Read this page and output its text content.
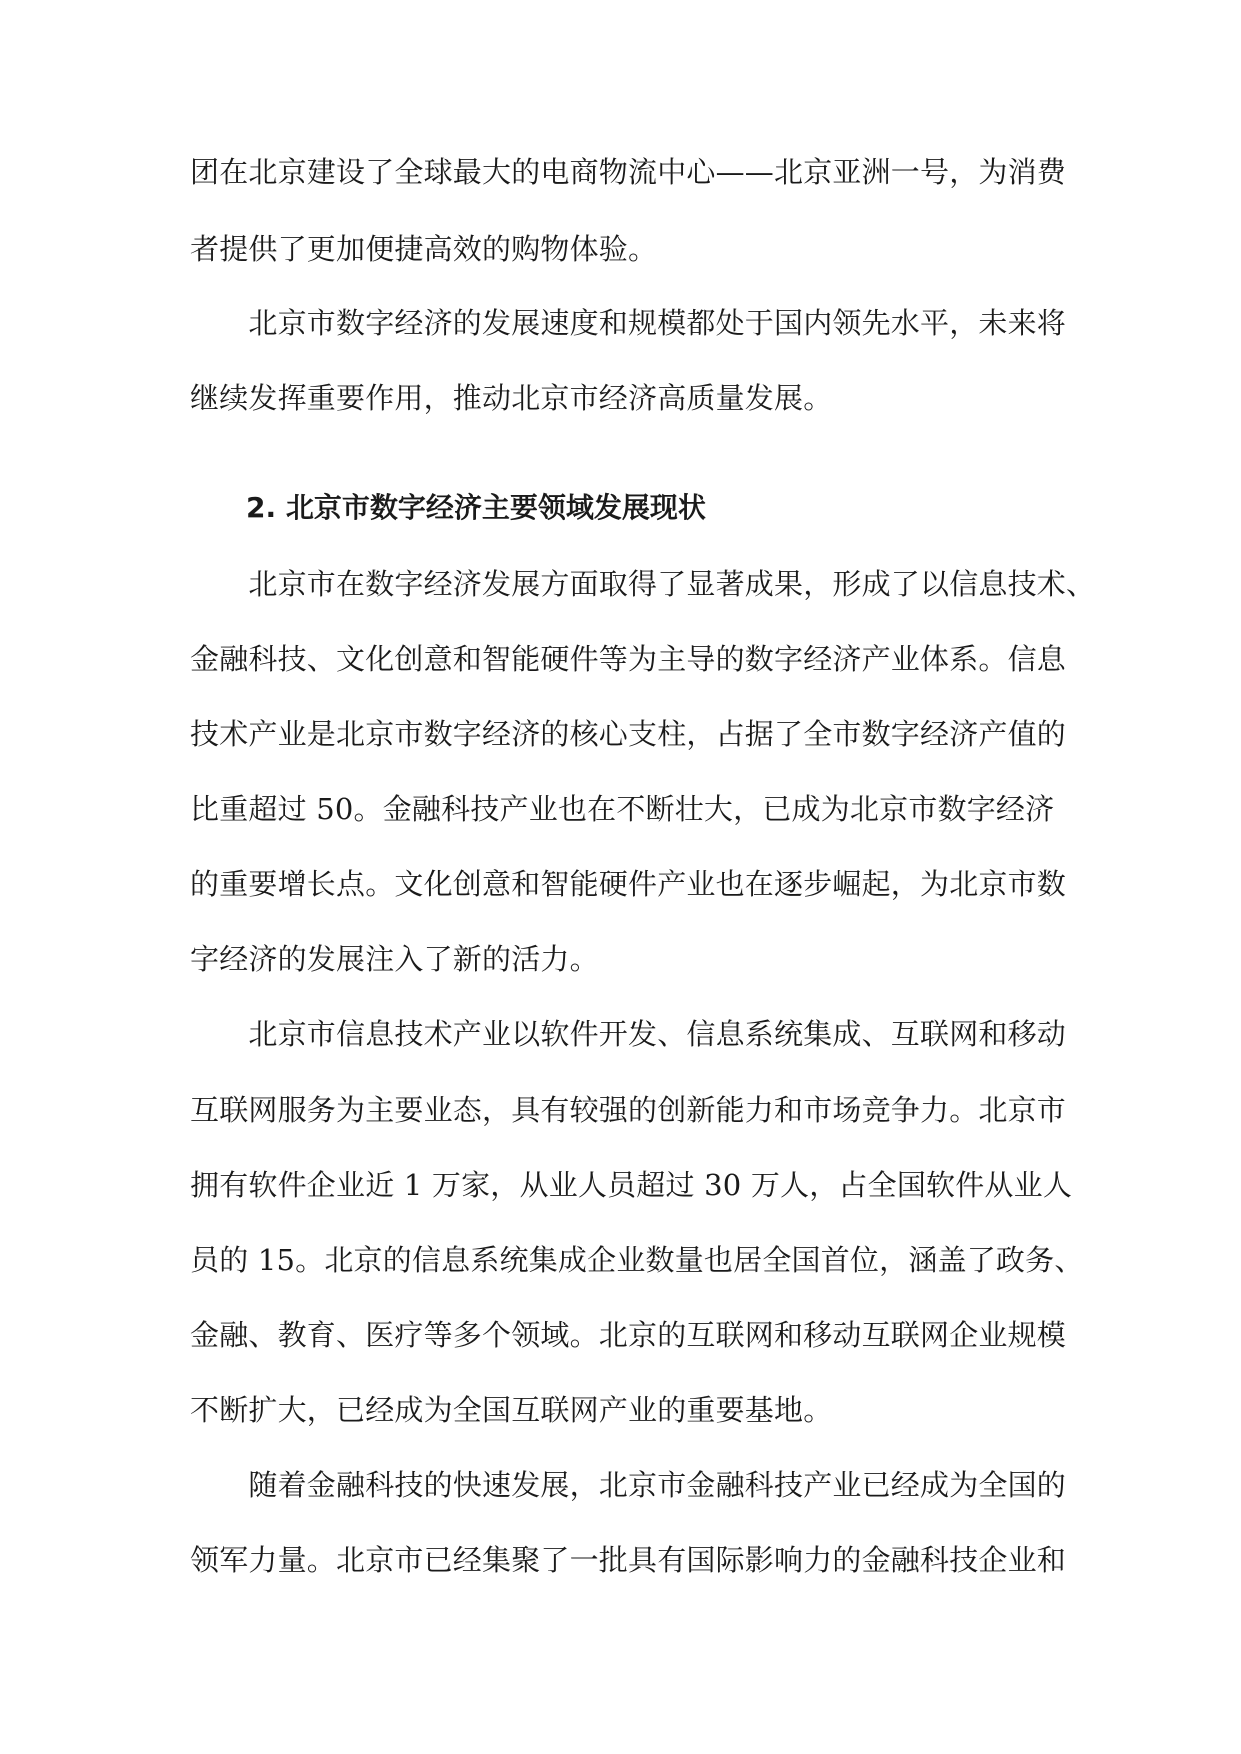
团在北京建设了全球最大的电商物流中心——北京亚洲一号，为消费
者提供了更加便捷高效的购物体验。
　　北京市数字经济的发展速度和规模都处于国内领先水平，未来将
继续发挥重要作用，推动北京市经济高质量发展。
2. 北京市数字经济主要领域发展现状
　　北京市在数字经济发展方面取得了显著成果，形成了以信息技术、
金融科技、文化创意和智能硬件等为主导的数字经济产业体系。信息
技术产业是北京市数字经济的核心支柱，占据了全市数字经济产值的
比重超过 50。金融科技产业也在不断壮大，已成为北京市数字经济
的重要增长点。文化创意和智能硬件产业也在逐步崛起，为北京市数
字经济的发展注入了新的活力。
　　北京市信息技术产业以软件开发、信息系统集成、互联网和移动
互联网服务为主要业态，具有较强的创新能力和市场竞争力。北京市
拥有软件企业近 1 万家，从业人员超过 30 万人，占全国软件从业人
员的 15。北京的信息系统集成企业数量也居全国首位，涵盖了政务、
金融、教育、医疗等多个领域。北京的互联网和移动互联网企业规模
不断扩大，已经成为全国互联网产业的重要基地。
　　随着金融科技的快速发展，北京市金融科技产业已经成为全国的
领军力量。北京市已经集聚了一批具有国际影响力的金融科技企业和
